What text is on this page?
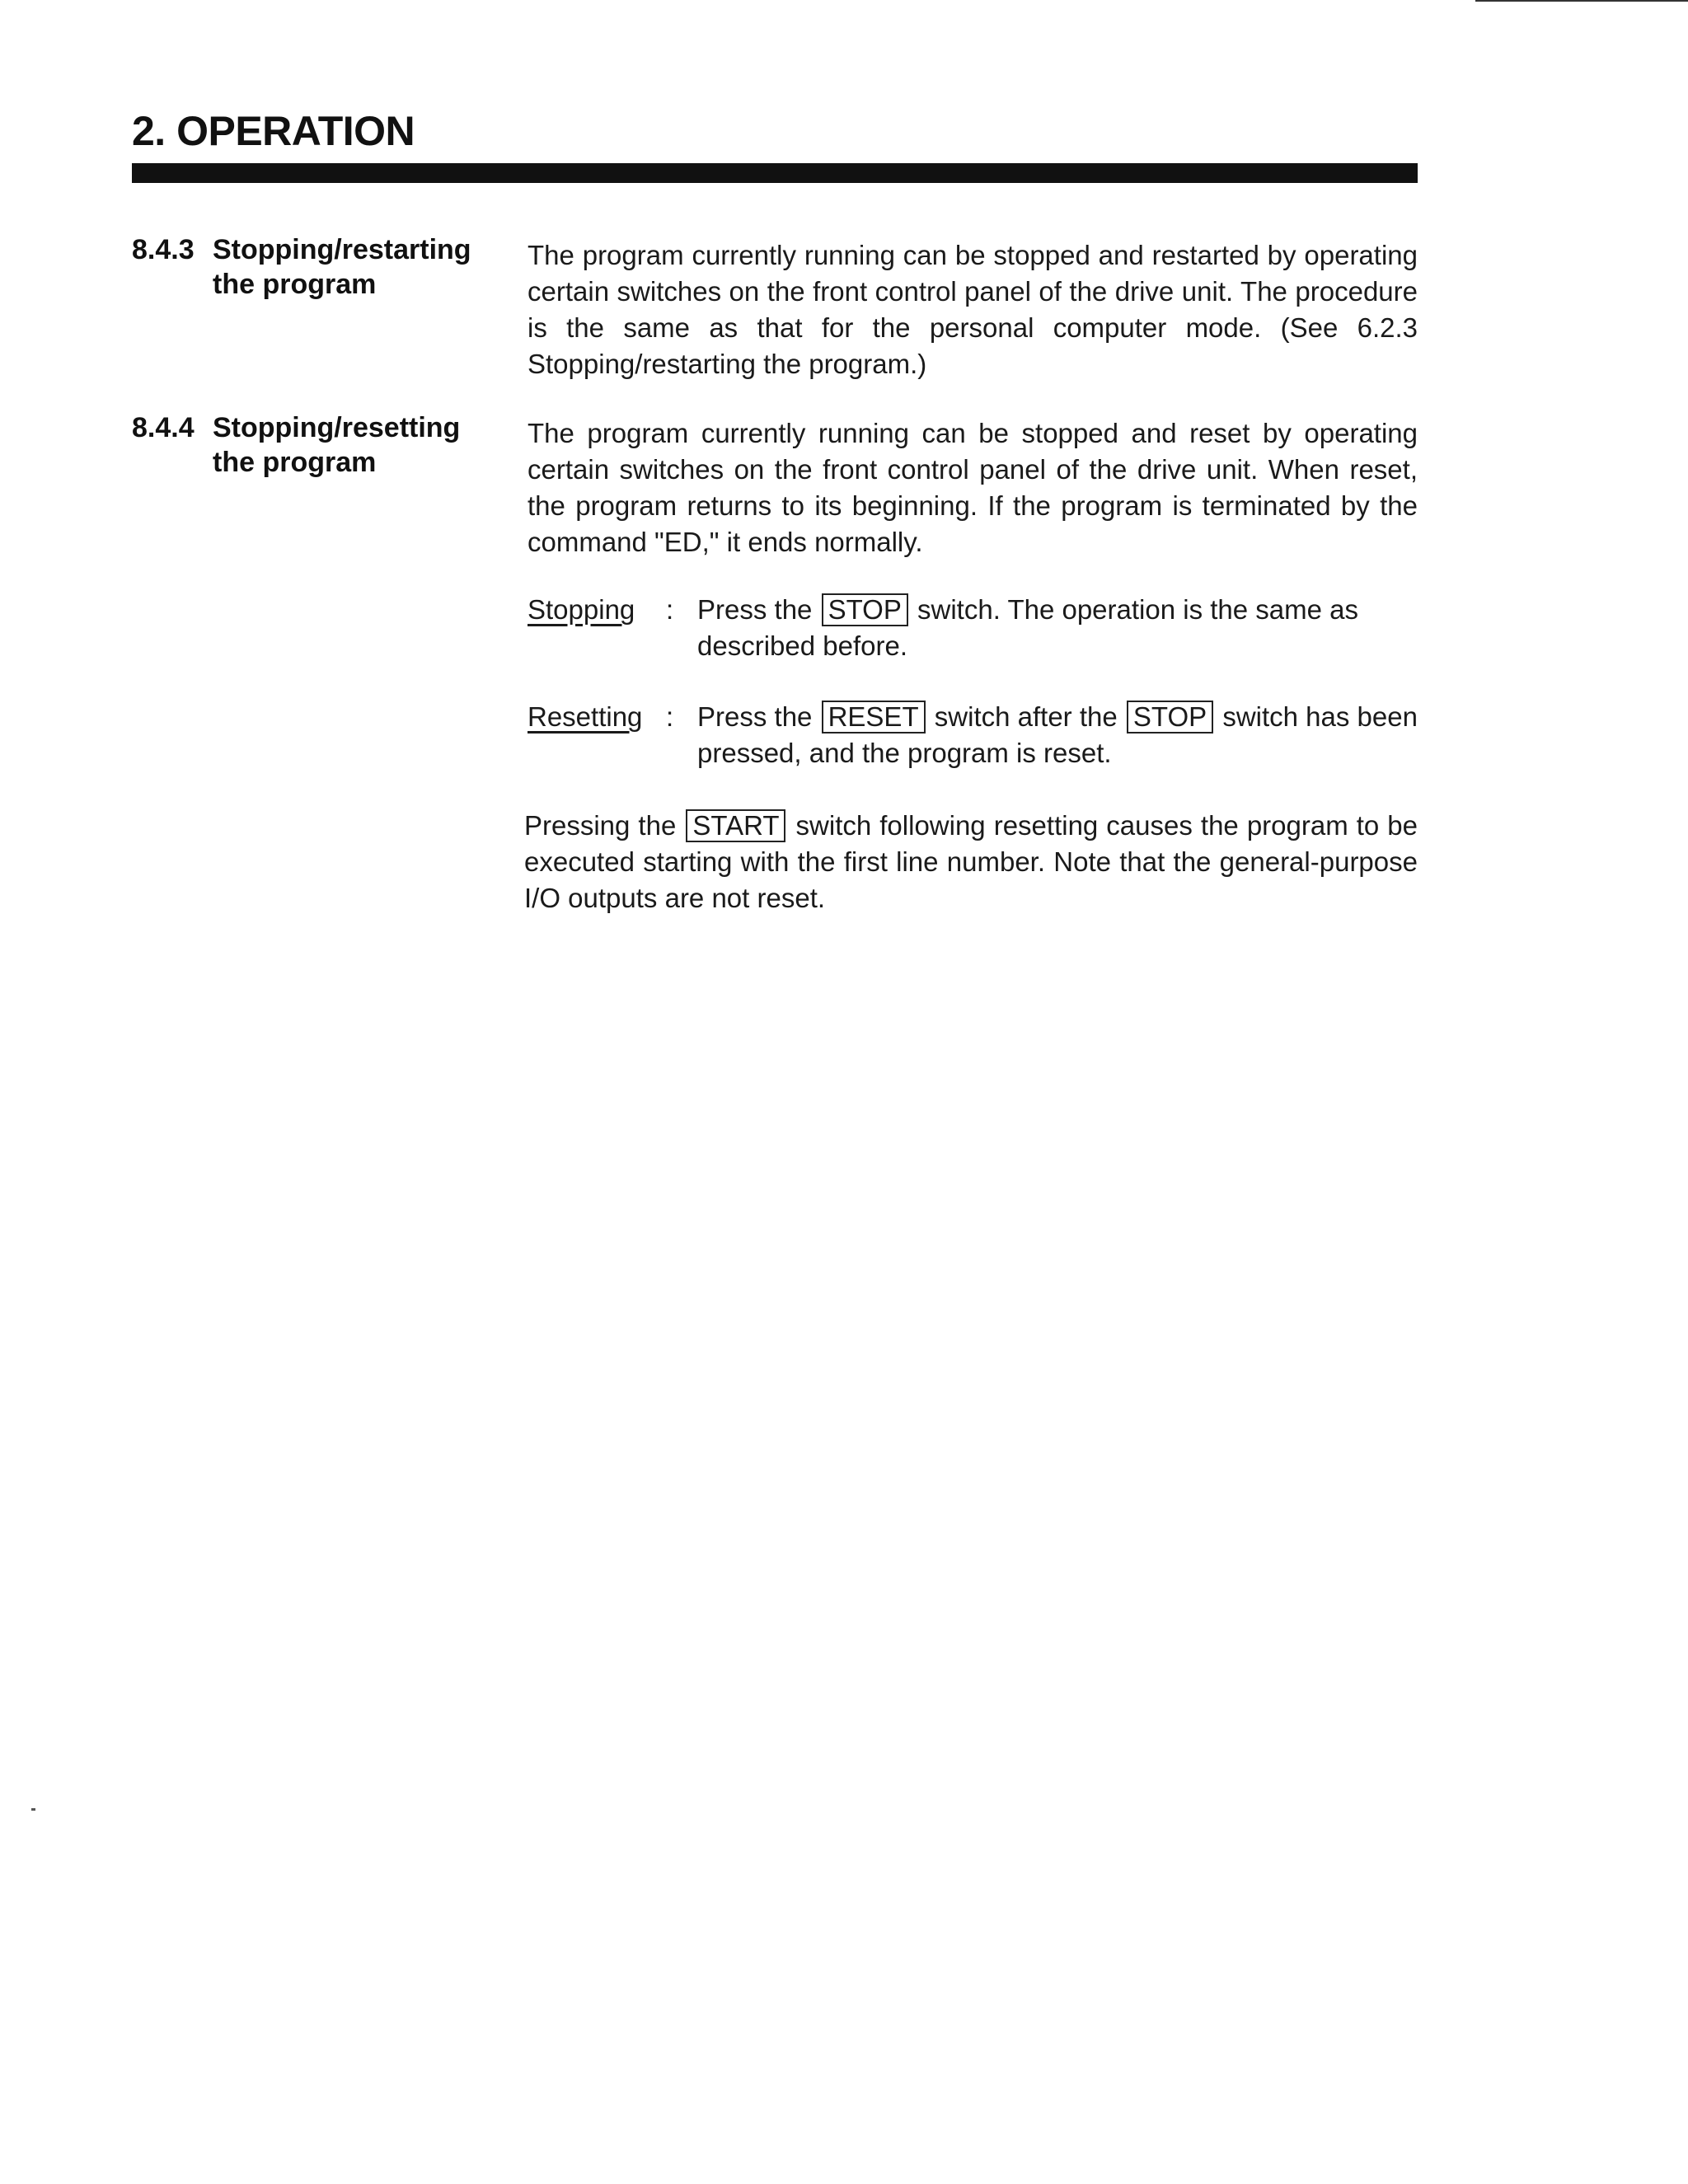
2. OPERATION
8.4.3 Stopping/restarting
the program
The program currently running can be stopped and restarted by operating certain switches on the front control panel of the drive unit. The procedure is the same as that for the personal computer mode. (See 6.2.3 Stopping/restarting the program.)
8.4.4 Stopping/resetting
the program
The program currently running can be stopped and reset by operating certain switches on the front control panel of the drive unit. When reset, the program returns to its beginning. If the program is terminated by the command "ED," it ends normally.
Stopping : Press the STOP switch. The operation is the same as described before.
Resetting : Press the RESET switch after the STOP switch has been pressed, and the program is reset.
Pressing the START switch following resetting causes the program to be executed starting with the first line number. Note that the general-purpose I/O outputs are not reset.
